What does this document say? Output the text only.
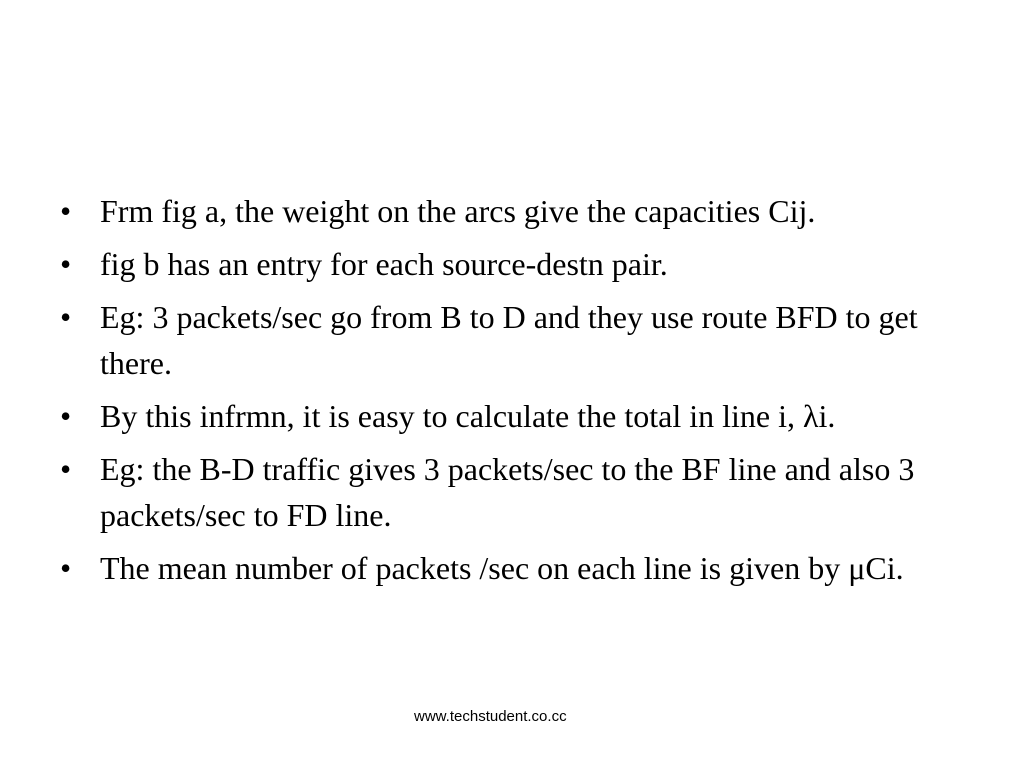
• Frm fig a, the weight on the arcs give the capacities Cij.
• fig b has an entry for each source-destn pair.
• Eg: 3 packets/sec go from B to D and they use route BFD to get there.
• By this infrmn, it is easy to calculate the total in line i, λi.
• Eg: the B-D traffic gives 3 packets/sec to the BF line and also 3 packets/sec to FD line.
• The mean number of packets /sec on each line is given by μCi.
www.techstudent.co.cc
